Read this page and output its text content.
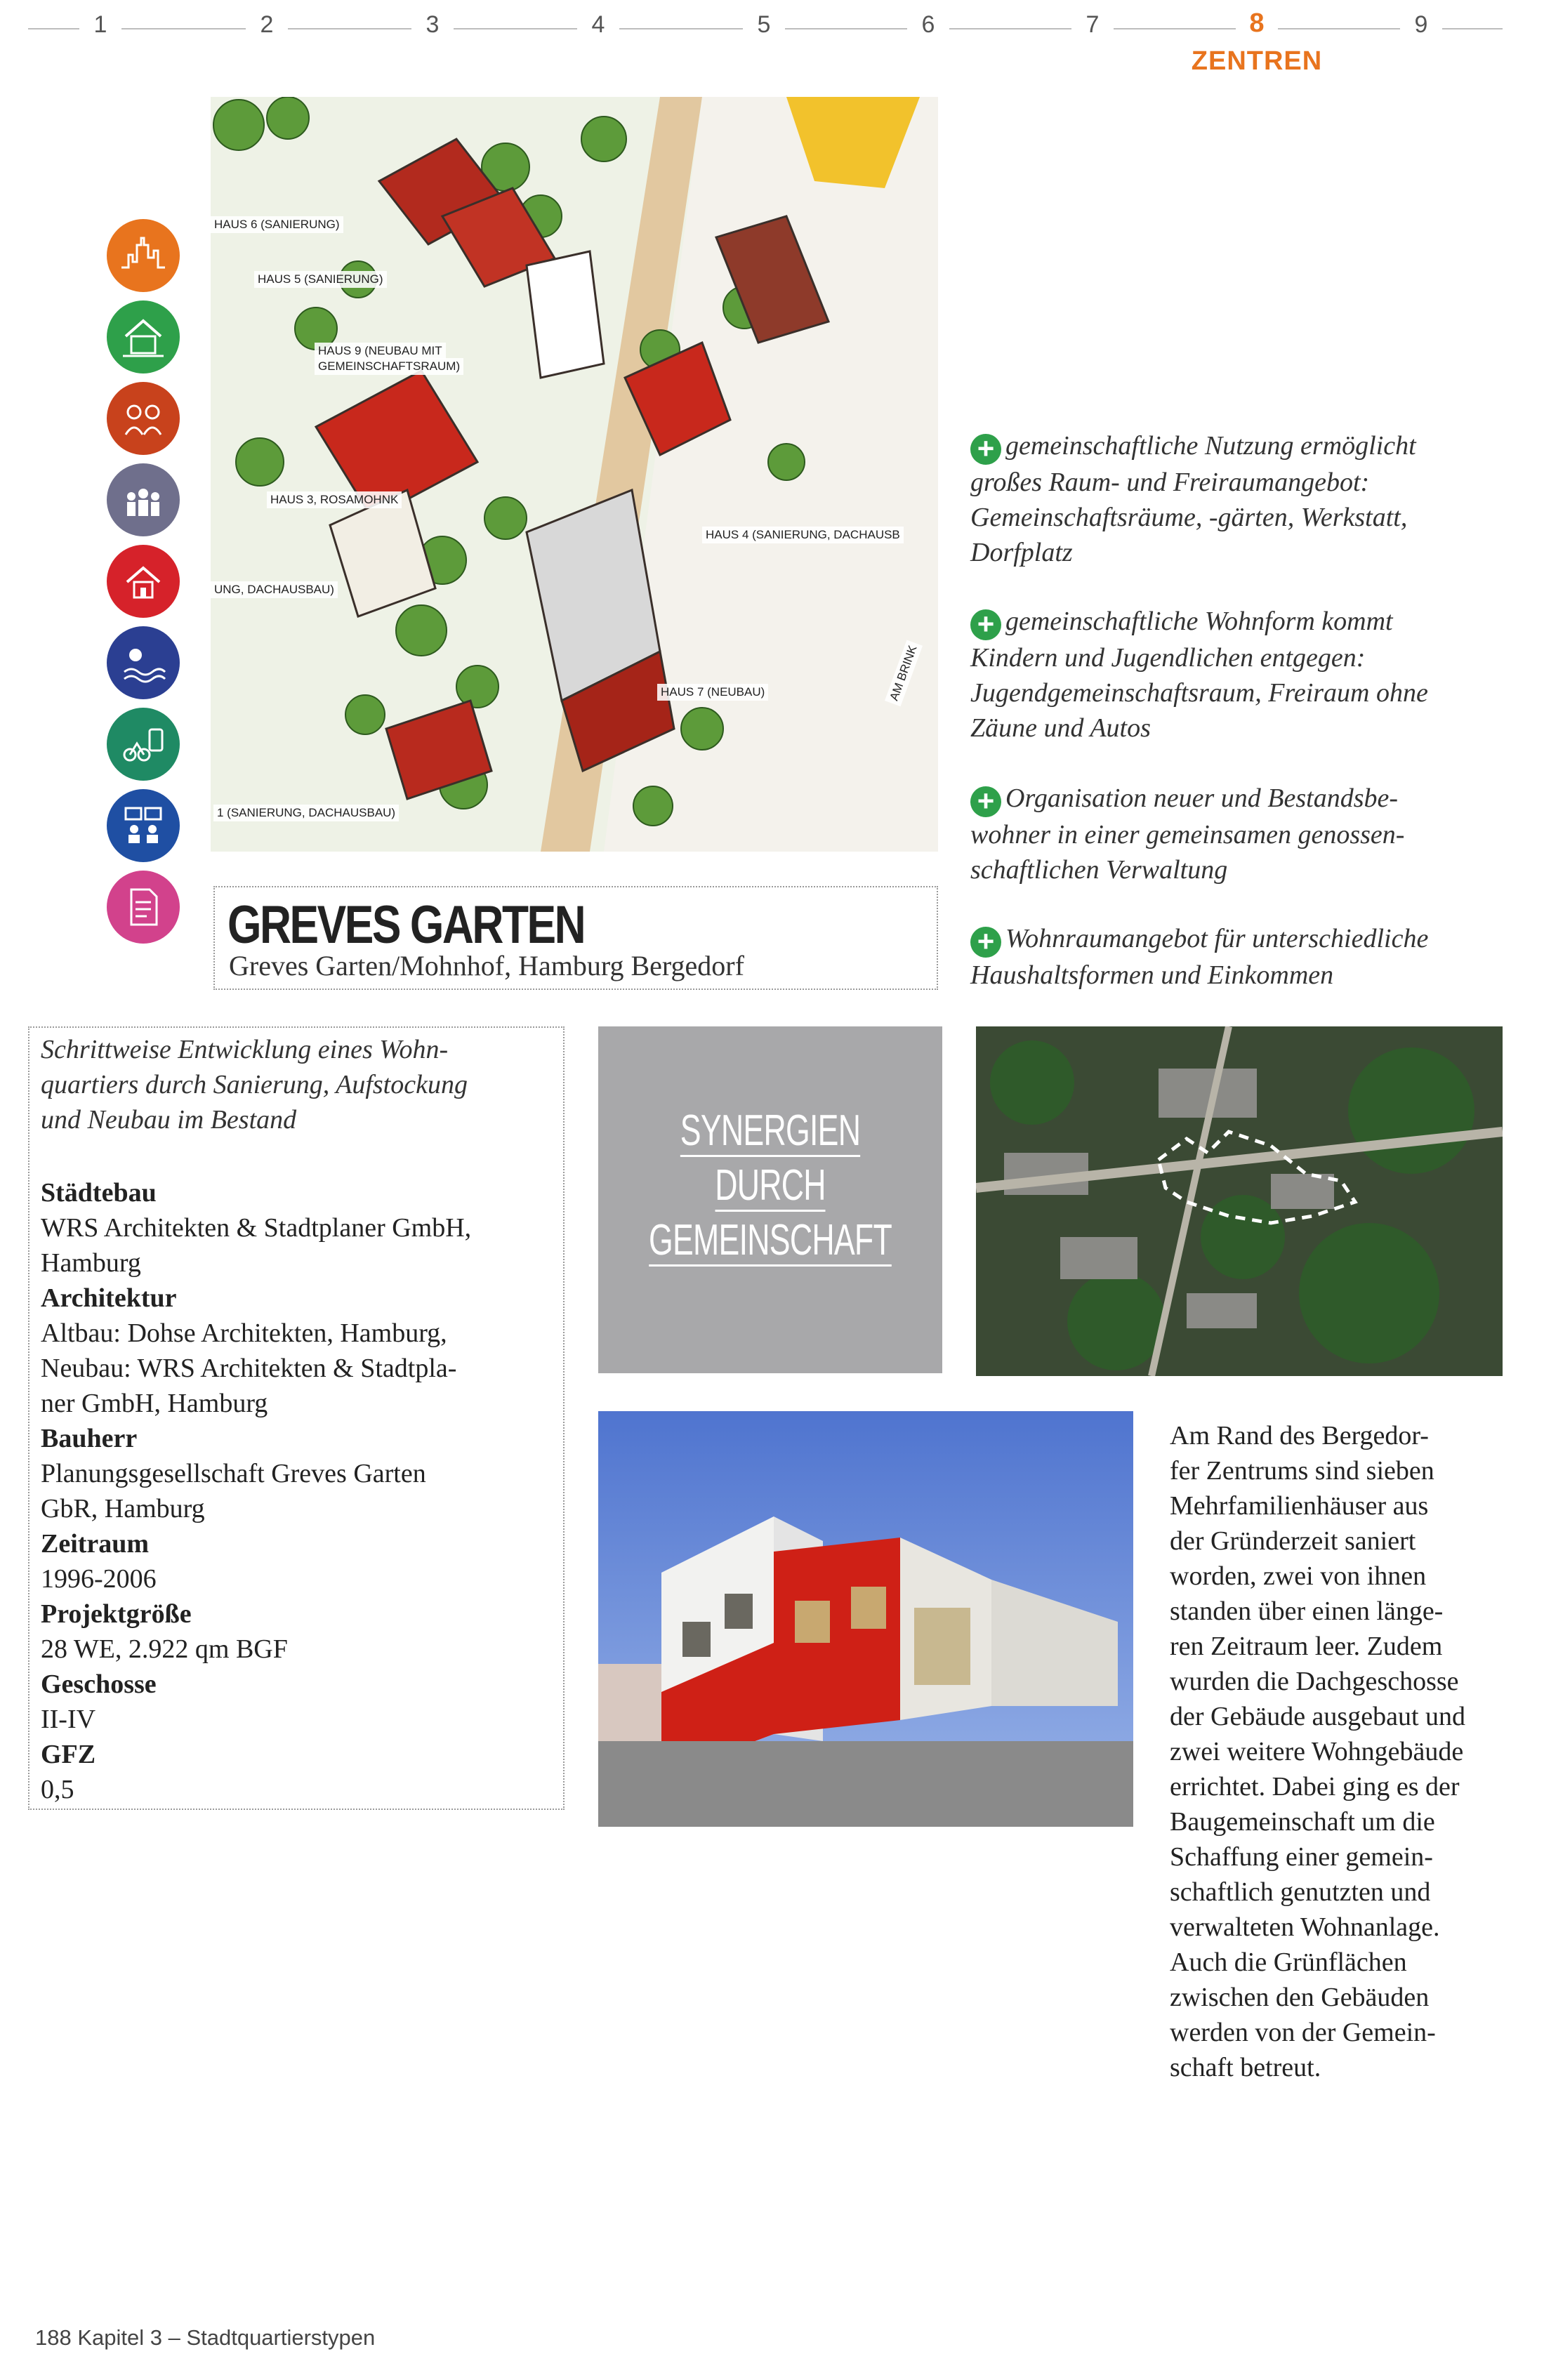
1	2	3	4	5	6	7	8	9
ZENTREN
HAUS 6 (SANIERUNG)
HAUS 5 (SANIERUNG)
HAUS 9 (NEUBAU MIT
GEMEINSCHAFTSRAUM)
HAUS 3, ROSAMOHNK
HAUS 4 (SANIERUNG, DACHAUSB
UNG, DACHAUSBAU)
HAUS 7 (NEUBAU)	AM BRINK
1 (SANIERUNG, DACHAUSBAU)
GREVES GARTEN
Greves Garten/Mohnhof, Hamburg Bergedorf
+ gemeinschaftliche Nutzung ermöglicht
großes Raum- und Freiraumangebot:
Gemeinschaftsräume, -gärten, Werkstatt,
Dorfplatz
+ gemeinschaftliche Wohnform kommt
Kindern und Jugendlichen entgegen:
Jugendgemeinschaftsraum, Freiraum ohne
Zäune und Autos
+ Organisation neuer und Bestandsbe-
wohner in einer gemeinsamen genossen-
schaftlichen Verwaltung
+ Wohnraumangebot für unterschiedliche
Haushaltsformen und Einkommen
Schrittweise Entwicklung eines Wohn-
quartiers durch Sanierung, Aufstockung
und Neubau im Bestand
Städtebau
WRS Architekten & Stadtplaner GmbH,
Hamburg
Architektur
Altbau: Dohse Architekten, Hamburg,
Neubau: WRS Architekten & Stadtpla-
ner GmbH, Hamburg
Bauherr
Planungsgesellschaft Greves Garten
GbR, Hamburg
Zeitraum
1996-2006
Projektgröße
28 WE, 2.922 qm BGF
Geschosse
II-IV
GFZ
0,5
SYNERGIEN
DURCH
GEMEINSCHAFT
Am Rand des Bergedor-
fer Zentrums sind sieben
Mehrfamilienhäuser aus
der Gründerzeit saniert
worden, zwei von ihnen
standen über einen länge-
ren Zeitraum leer. Zudem
wurden die Dachgeschosse
der Gebäude ausgebaut und
zwei weitere Wohngebäude
errichtet. Dabei ging es der
Baugemeinschaft um die
Schaffung einer gemein-
schaftlich genutzten und
verwalteten Wohnanlage.
Auch die Grünflächen
zwischen den Gebäuden
werden von der Gemein-
schaft betreut.
188 Kapitel 3 – Stadtquartierstypen
